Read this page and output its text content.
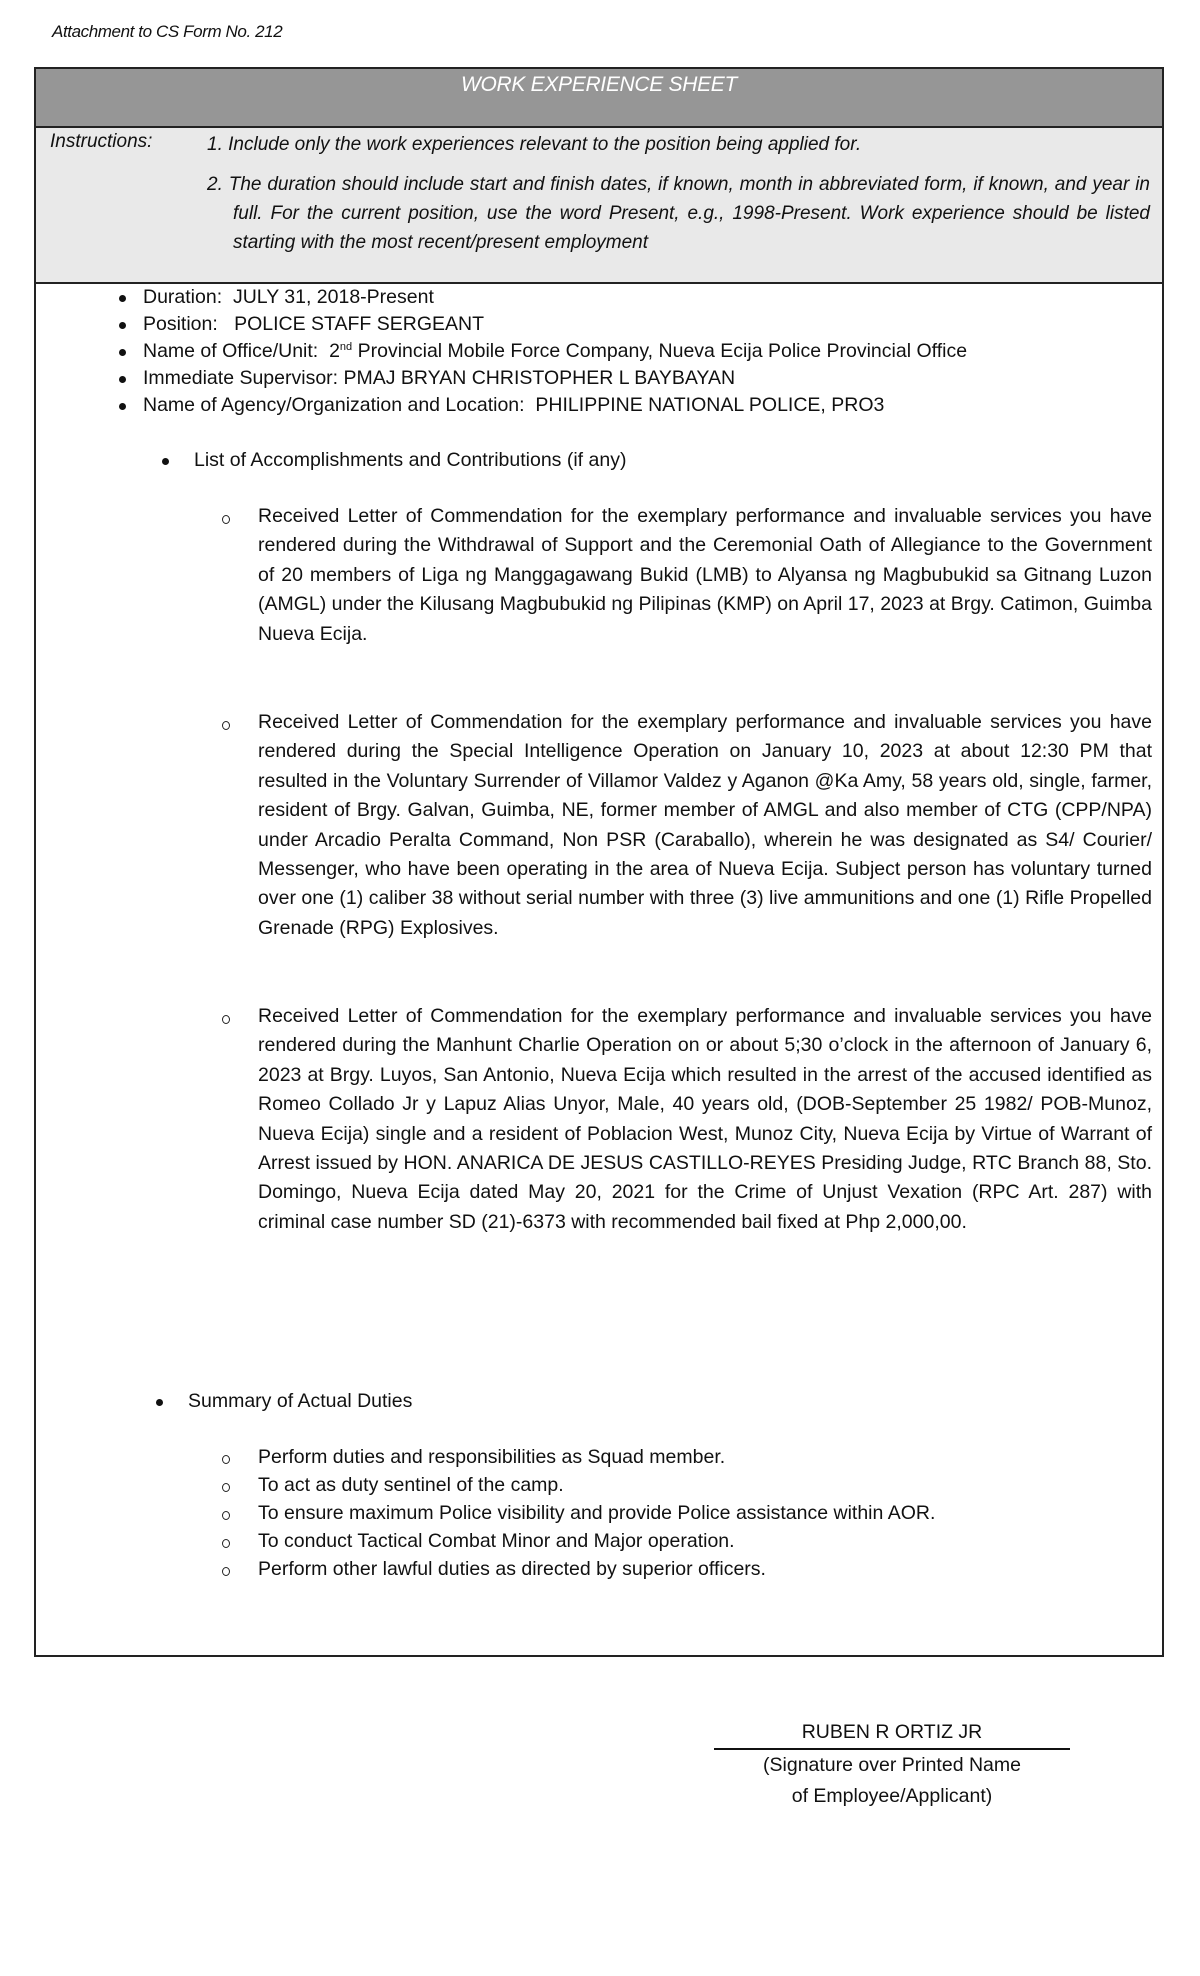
Attachment to CS Form No. 212
WORK EXPERIENCE SHEET
Instructions:	1. Include only the work experiences relevant to the position being applied for.
2. The duration should include start and finish dates, if known, month in abbreviated form, if known, and year in full. For the current position, use the word Present, e.g., 1998-Present. Work experience should be listed starting with the most recent/present employment
Duration: JULY 31, 2018-Present
Position: POLICE STAFF SERGEANT
Name of Office/Unit: 2nd Provincial Mobile Force Company, Nueva Ecija Police Provincial Office
Immediate Supervisor: PMAJ BRYAN CHRISTOPHER L BAYBAYAN
Name of Agency/Organization and Location: PHILIPPINE NATIONAL POLICE, PRO3
List of Accomplishments and Contributions (if any)
Received Letter of Commendation for the exemplary performance and invaluable services you have rendered during the Withdrawal of Support and the Ceremonial Oath of Allegiance to the Government of 20 members of Liga ng Manggagawang Bukid (LMB) to Alyansa ng Magbubukid sa Gitnang Luzon (AMGL) under the Kilusang Magbubukid ng Pilipinas (KMP) on April 17, 2023 at Brgy. Catimon, Guimba Nueva Ecija.
Received Letter of Commendation for the exemplary performance and invaluable services you have rendered during the Special Intelligence Operation on January 10, 2023 at about 12:30 PM that resulted in the Voluntary Surrender of Villamor Valdez y Aganon @Ka Amy, 58 years old, single, farmer, resident of Brgy. Galvan, Guimba, NE, former member of AMGL and also member of CTG (CPP/NPA) under Arcadio Peralta Command, Non PSR (Caraballo), wherein he was designated as S4/ Courier/ Messenger, who have been operating in the area of Nueva Ecija. Subject person has voluntary turned over one (1) caliber 38 without serial number with three (3) live ammunitions and one (1) Rifle Propelled Grenade (RPG) Explosives.
Received Letter of Commendation for the exemplary performance and invaluable services you have rendered during the Manhunt Charlie Operation on or about 5;30 o’clock in the afternoon of January 6, 2023 at Brgy. Luyos, San Antonio, Nueva Ecija which resulted in the arrest of the accused identified as Romeo Collado Jr y Lapuz Alias Unyor, Male, 40 years old, (DOB-September 25 1982/ POB-Munoz, Nueva Ecija) single and a resident of Poblacion West, Munoz City, Nueva Ecija by Virtue of Warrant of Arrest issued by HON. ANARICA DE JESUS CASTILLO-REYES Presiding Judge, RTC Branch 88, Sto. Domingo, Nueva Ecija dated May 20, 2021 for the Crime of Unjust Vexation (RPC Art. 287) with criminal case number SD (21)-6373 with recommended bail fixed at Php 2,000,00.
Summary of Actual Duties
Perform duties and responsibilities as Squad member.
To act as duty sentinel of the camp.
To ensure maximum Police visibility and provide Police assistance within AOR.
To conduct Tactical Combat Minor and Major operation.
Perform other lawful duties as directed by superior officers.
RUBEN R ORTIZ JR
(Signature over Printed Name
of Employee/Applicant)
